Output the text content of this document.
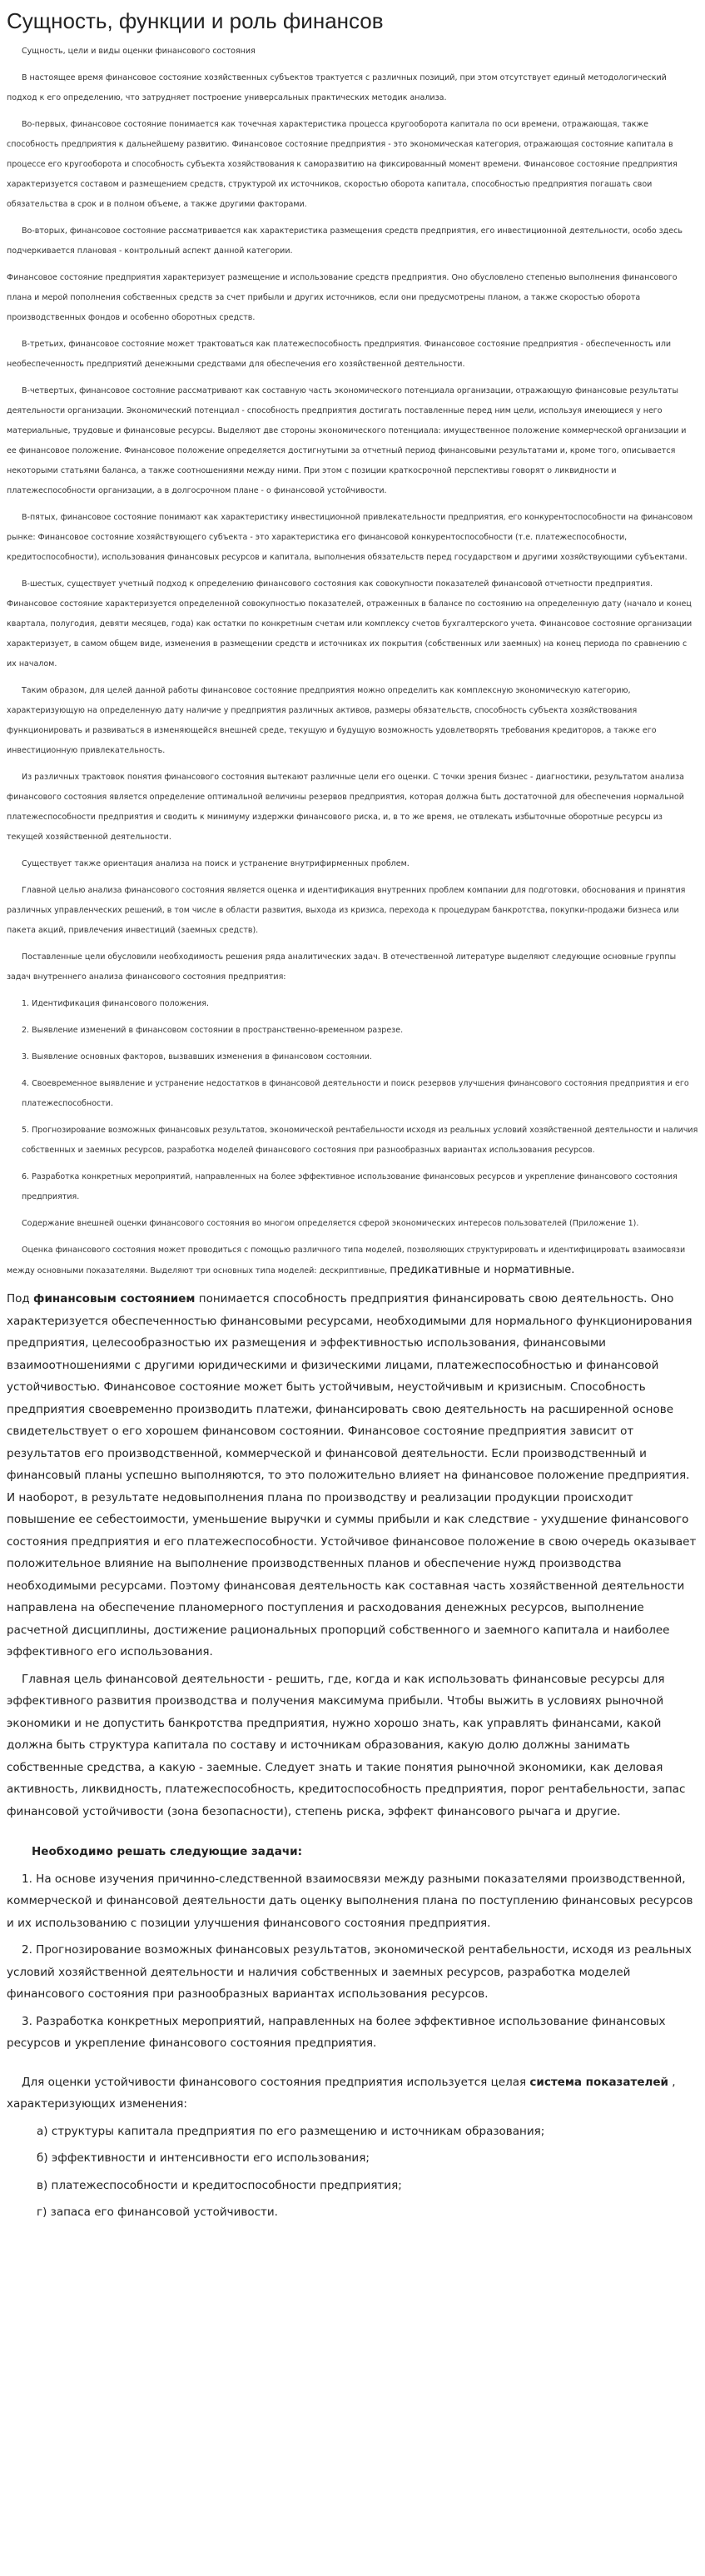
Сущность, функции и роль финансов

Сущность, цели и виды оценки финансового состояния

В настоящее время финансовое состояние хозяйственных субъектов трактуется с различных позиций, при этом отсутствует единый методологический подход к его определению, что затрудняет построение универсальных практических методик анализа.

Во-первых, финансовое состояние понимается как точечная характеристика процесса кругооборота капитала по оси времени, отражающая, также способность предприятия к дальнейшему развитию. Финансовое состояние предприятия - это экономическая категория, отражающая состояние капитала в процессе его кругооборота и способность субъекта хозяйствования к саморазвитию на фиксированный момент времени. Финансовое состояние предприятия характеризуется составом и размещением средств, структурой их источников, скоростью оборота капитала, способностью предприятия погашать свои обязательства в срок и в полном объеме, а также другими факторами.

Во-вторых, финансовое состояние рассматривается как характеристика размещения средств предприятия, его инвестиционной деятельности, особо здесь подчеркивается плановая - контрольный аспект данной категории.

Финансовое состояние предприятия характеризует размещение и использование средств предприятия. Оно обусловлено степенью выполнения финансового плана и мерой пополнения собственных средств за счет прибыли и других источников, если они предусмотрены планом, а также скоростью оборота производственных фондов и особенно оборотных средств.

В-третьих, финансовое состояние может трактоваться как платежеспособность предприятия. Финансовое состояние предприятия - обеспеченность или необеспеченность предприятий денежными средствами для обеспечения его хозяйственной деятельности.

В-четвертых, финансовое состояние рассматривают как составную часть экономического потенциала организации, отражающую финансовые результаты деятельности организации. Экономический потенциал - способность предприятия достигать поставленные перед ним цели, используя имеющиеся у него материальные, трудовые и финансовые ресурсы. Выделяют две стороны экономического потенциала: имущественное положение коммерческой организации и ее финансовое положение. Финансовое положение определяется достигнутыми за отчетный период финансовыми результатами и, кроме того, описывается некоторыми статьями баланса, а также соотношениями между ними. При этом с позиции краткосрочной перспективы говорят о ликвидности и платежеспособности организации, а в долгосрочном плане - о финансовой устойчивости.

В-пятых, финансовое состояние понимают как характеристику инвестиционной привлекательности предприятия, его конкурентоспособности на финансовом рынке: Финансовое состояние хозяйствующего субъекта - это характеристика его финансовой конкурентоспособности (т.е. платежеспособности, кредитоспособности), использования финансовых ресурсов и капитала, выполнения обязательств перед государством и другими хозяйствующими субъектами.

В-шестых, существует учетный подход к определению финансового состояния как совокупности показателей финансовой отчетности предприятия. Финансовое состояние характеризуется определенной совокупностью показателей, отраженных в балансе по состоянию на определенную дату (начало и конец квартала, полугодия, девяти месяцев, года) как остатки по конкретным счетам или комплексу счетов бухгалтерского учета. Финансовое состояние организации характеризует, в самом общем виде, изменения в размещении средств и источниках их покрытия (собственных или заемных) на конец периода по сравнению с их началом.

Таким образом, для целей данной работы финансовое состояние предприятия можно определить как комплексную экономическую категорию, характеризующую на определенную дату наличие у предприятия различных активов, размеры обязательств, способность субъекта хозяйствования функционировать и развиваться в изменяющейся внешней среде, текущую и будущую возможность удовлетворять требования кредиторов, а также его инвестиционную привлекательность.

Из различных трактовок понятия финансового состояния вытекают различные цели его оценки. С точки зрения бизнес - диагностики, результатом анализа финансового состояния является определение оптимальной величины резервов предприятия, которая должна быть достаточной для обеспечения нормальной платежеспособности предприятия и сводить к минимуму издержки финансового риска, и, в то же время, не отвлекать избыточные оборотные ресурсы из текущей хозяйственной деятельности.

Существует также ориентация анализа на поиск и устранение внутрифирменных проблем.

Главной целью анализа финансового состояния является оценка и идентификация внутренних проблем компании для подготовки, обоснования и принятия различных управленческих решений, в том числе в области развития, выхода из кризиса, перехода к процедурам банкротства, покупки-продажи бизнеса или пакета акций, привлечения инвестиций (заемных средств).

Поставленные цели обусловили необходимость решения ряда аналитических задач. В отечественной литературе выделяют следующие основные группы задач внутреннего анализа финансового состояния предприятия:

1. Идентификация финансового положения.

2. Выявление изменений в финансовом состоянии в пространственно-временном разрезе.

3. Выявление основных факторов, вызвавших изменения в финансовом состоянии.

4. Своевременное выявление и устранение недостатков в финансовой деятельности и поиск резервов улучшения финансового состояния предприятия и его платежеспособности.

5. Прогнозирование возможных финансовых результатов, экономической рентабельности исходя из реальных условий хозяйственной деятельности и наличия собственных и заемных ресурсов, разработка моделей финансового состояния при разнообразных вариантах использования ресурсов.

6. Разработка конкретных мероприятий, направленных на более эффективное использование финансовых ресурсов и укрепление финансового состояния предприятия.

Содержание внешней оценки финансового состояния во многом определяется сферой экономических интересов пользователей (Приложение 1).

Оценка финансового состояния может проводиться с помощью различного типа моделей, позволяющих структурировать и идентифицировать взаимосвязи между основными показателями. Выделяют три основных типа моделей: дескриптивные, предикативные и нормативные.

Под финансовым состоянием понимается способность предприятия финансировать свою деятельность. Оно характеризуется обеспеченностью финансовыми ресурсами, необходимыми для нормального функционирования предприятия, целесообразностью их размещения и эффективностью использования, финансовыми взаимоотношениями с другими юридическими и физическими лицами, платежеспособностью и финансовой устойчивостью. Финансовое состояние может быть устойчивым, неустойчивым и кризисным. Способность предприятия своевременно производить платежи, финансировать свою деятельность на расширенной основе свидетельствует о его хорошем финансовом состоянии. Финансовое состояние предприятия зависит от результатов его производственной, коммерческой и финансовой деятельности. Если производственный и финансовый планы успешно выполняются, то это положительно влияет на финансовое положение предприятия. И наоборот, в результате недовыполнения плана по производству и реализации продукции происходит повышение ее себестоимости, уменьшение выручки и суммы прибыли и как следствие - ухудшение финансового состояния предприятия и его платежеспособности. Устойчивое финансовое положение в свою очередь оказывает положительное влияние на выполнение производственных планов и обеспечение нужд производства необходимыми ресурсами. Поэтому финансовая деятельность как составная часть хозяйственной деятельности направлена на обеспечение планомерного поступления и расходования денежных ресурсов, выполнение расчетной дисциплины, достижение рациональных пропорций собственного и заемного капитала и наиболее эффективного его использования.

Главная цель финансовой деятельности - решить, где, когда и как использовать финансовые ресурсы для эффективного развития производства и получения максимума прибыли. Чтобы выжить в условиях рыночной экономики и не допустить банкротства предприятия, нужно хорошо знать, как управлять финансами, какой должна быть структура капитала по составу и источникам образования, какую долю должны занимать собственные средства, а какую - заемные. Следует знать и такие понятия рыночной экономики, как деловая активность, ликвидность, платежеспособность, кредитоспособность предприятия, порог рентабельности, запас финансовой устойчивости (зона безопасности), степень риска, эффект финансового рычага и другие.

Необходимо решать следующие задачи:

1. На основе изучения причинно-следственной взаимосвязи между разными показателями производственной, коммерческой и финансовой деятельности дать оценку выполнения плана по поступлению финансовых ресурсов и их использованию с позиции улучшения финансового состояния предприятия.

2. Прогнозирование возможных финансовых результатов, экономической рентабельности, исходя из реальных условий хозяйственной деятельности и наличия собственных и заемных ресурсов, разработка моделей финансового состояния при разнообразных вариантах использования ресурсов.

3. Разработка конкретных мероприятий, направленных на более эффективное использование финансовых ресурсов и укрепление финансового состояния предприятия.

Для оценки устойчивости финансового состояния предприятия используется целая система показателей , характеризующих изменения:

а) структуры капитала предприятия по его размещению и источникам образования;

б) эффективности и интенсивности его использования;

в) платежеспособности и кредитоспособности предприятия;

г) запаса его финансовой устойчивости.
